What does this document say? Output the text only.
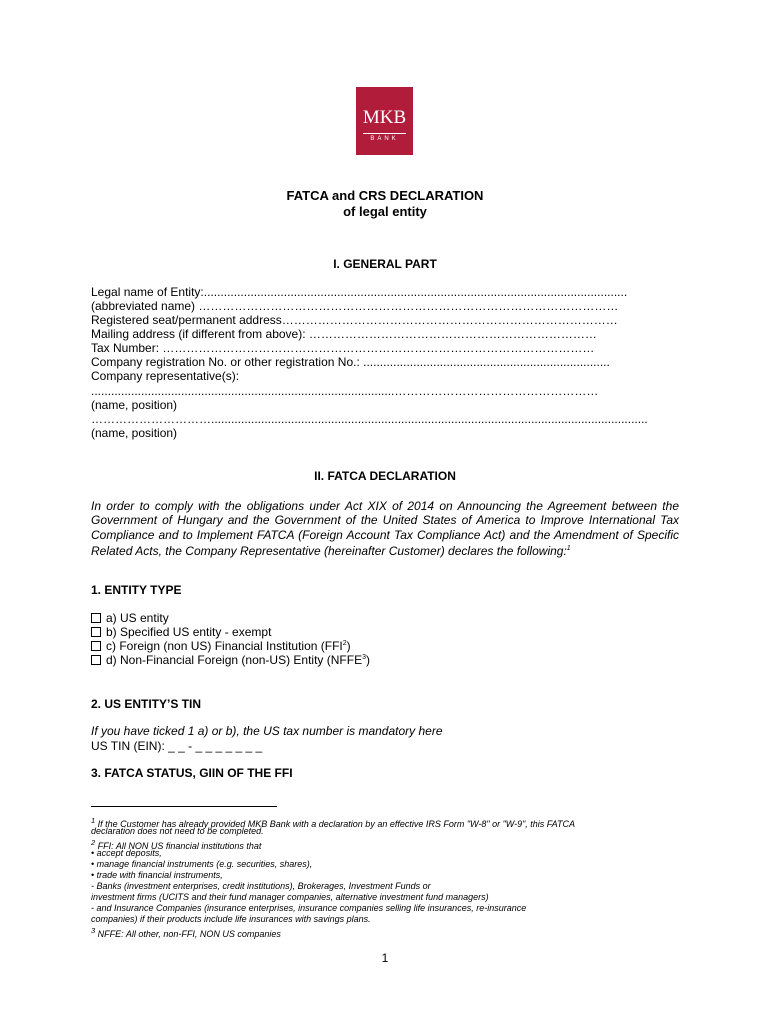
MKB
BANK
FATCA and CRS DECLARATION
of legal entity
I. GENERAL PART
Legal name of Entity:...............................................................................................................................
(abbreviated name) ……………………………………………………………………………………………
Registered seat/permanent address…………………………………………………………………………
Mailing address (if different from above): ………………………………………………………………
Tax Number: ………………………………………………………………………………………………
Company registration No. or other registration No.: ..........................................................................
Company representative(s):
...........................................................................................……………………………………………
(name, position)
…………………………...................................................................................................................................
(name, position)
II. FATCA DECLARATION
In order to comply with the obligations under Act XIX of 2014 on Announcing the Agreement between the Government of Hungary and the Government of the United States of America to Improve International Tax Compliance and to Implement FATCA (Foreign Account Tax Compliance Act) and the Amendment of Specific Related Acts, the Company Representative (hereinafter Customer) declares the following:$^1$
1. ENTITY TYPE
a) US entity
b) Specified US entity - exempt
c) Foreign (non US) Financial Institution (FFI$^2$)
d) Non-Financial Foreign (non-US) Entity (NFFE$^3$)
2. US ENTITY’S TIN
If you have ticked 1 a) or b), the US tax number is mandatory here
US TIN (EIN): _ _ - _ _ _ _ _ _ _
3. FATCA STATUS, GIIN OF THE FFI
$^1$ If the Customer has already provided MKB Bank with a declaration by an effective IRS Form "W-8" or "W-9", this FATCA
declaration does not need to be completed.
$^2$ FFI: All NON US financial institutions that
• accept deposits,
• manage financial instruments (e.g. securities, shares),
• trade with financial instruments,
- Banks (investment enterprises, credit institutions), Brokerages, Investment Funds or
investment firms (UCITS and their fund manager companies, alternative investment fund managers)
- and Insurance Companies (insurance enterprises, insurance companies selling life insurances, re-insurance
companies) if their products include life insurances with savings plans.
$^3$ NFFE: All other, non-FFI, NON US companies
1
